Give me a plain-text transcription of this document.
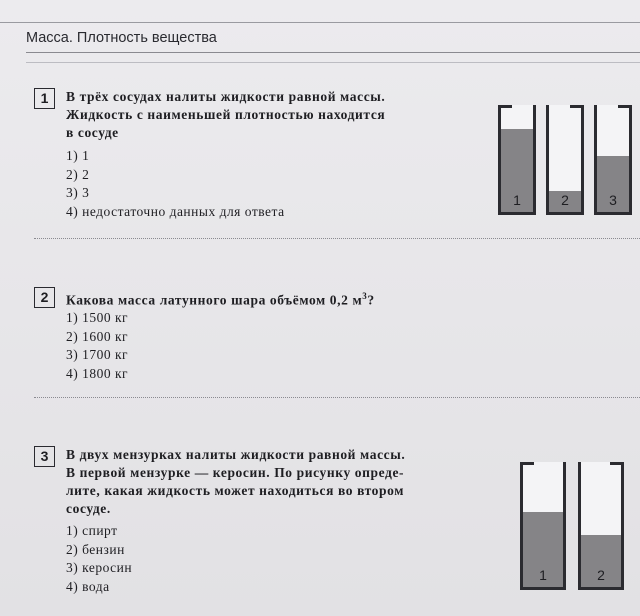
Масса. Плотность вещества
1	В трёх сосудах налиты жидкости равной массы.
Жидкость с наименьшей плотностью находится
в сосуде
1) 1
2) 2
3) 3
4) недостаточно данных для ответа
1	2	3
2	Какова масса латунного шара объёмом 0,2 $м^3$?
1) 1500 кг
2) 1600 кг
3) 1700 кг
4) 1800 кг
3	В двух мензурках налиты жидкости равной массы.
В первой мензурке — керосин. По рисунку опреде-
лите, какая жидкость может находиться во втором
сосуде.
1) спирт
2) бензин
3) керосин
4) вода
1	2
